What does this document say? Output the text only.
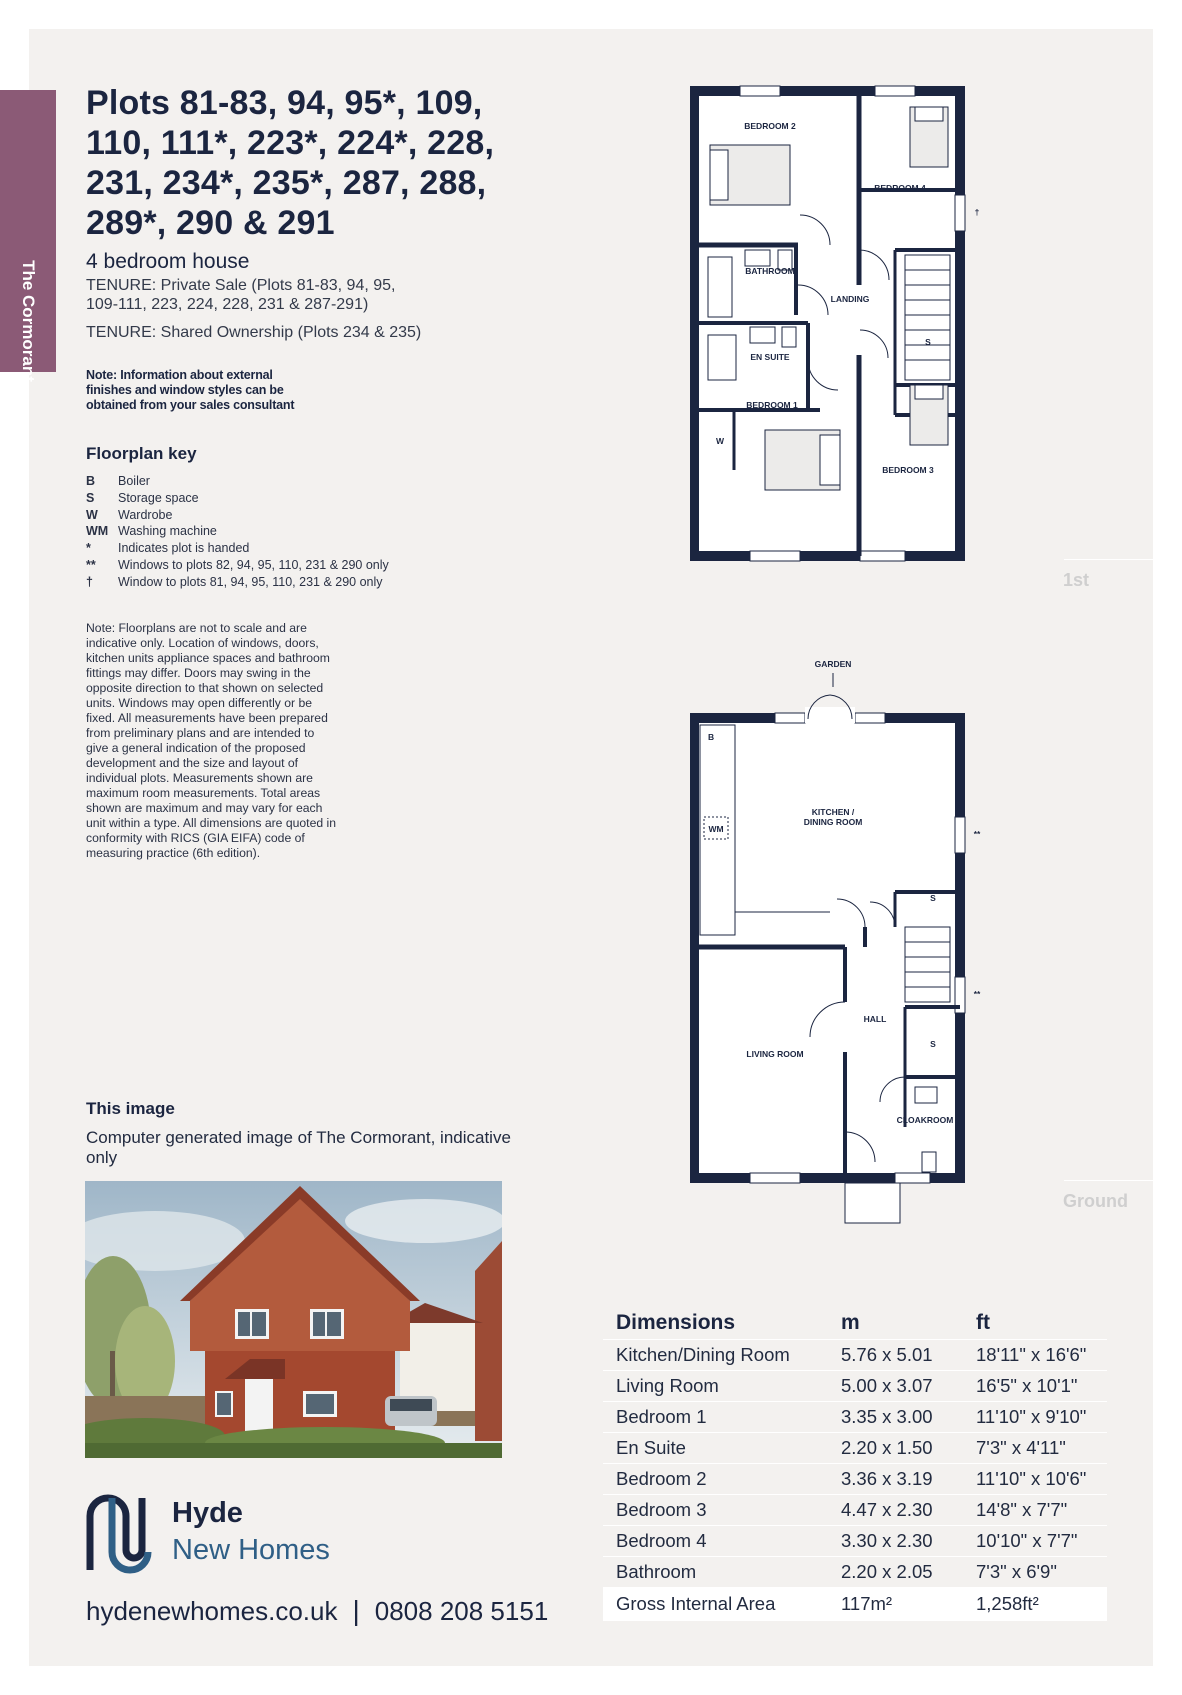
The Cormorant
Plots 81-83, 94, 95*, 109,
110, 111*, 223*, 224*, 228,
231, 234*, 235*, 287, 288,
289*, 290 & 291
4 bedroom house
TENURE: Private Sale (Plots 81-83, 94, 95,
109-111, 223, 224, 228, 231 & 287-291)
TENURE: Shared Ownership (Plots 234 & 235)
Note: Information about external finishes and window styles can be obtained from your sales consultant
Floorplan key
B	Boiler
S	Storage space
W	Wardrobe
WM Washing machine
*	Indicates plot is handed
**	Windows to plots 82, 94, 95, 110, 231 & 290 only
†	Window to plots 81, 94, 95, 110, 231 & 290 only
Note: Floorplans are not to scale and are indicative only. Location of windows, doors, kitchen units appliance spaces and bathroom fittings may differ. Doors may swing in the opposite direction to that shown on selected units. Windows may open differently or be fixed. All measurements have been prepared from preliminary plans and are intended to give a general indication of the proposed development and the size and layout of individual plots. Measurements shown are maximum room measurements. Total areas shown are maximum and may vary for each unit within a type. All dimensions are quoted in conformity with RICS (GIA EIFA) code of measuring practice (6th edition).
This image
Computer generated image of The Cormorant, indicative only
Hyde
New Homes
hydenewhomes.co.uk | 0808 208 5151
BEDROOM 2
BEDROOM 4
BATHROOM
LANDING
EN SUITE
S
W
BEDROOM 1
BEDROOM 3
†
1st
GARDEN
B
WM
KITCHEN /
DINING ROOM
S
HALL
S
LIVING ROOM
CLOAKROOM
**
**
Ground
Dimensions	m	ft
Kitchen/Dining Room	5.76 x 5.01	18'11" x 16'6"
Living Room	5.00 x 3.07	16'5" x 10'1"
Bedroom 1	3.35 x 3.00	11'10" x 9'10"
En Suite	2.20 x 1.50	7'3" x 4'11"
Bedroom 2	3.36 x 3.19	11'10" x 10'6"
Bedroom 3	4.47 x 2.30	14'8" x 7'7"
Bedroom 4	3.30 x 2.30	10'10" x 7'7"
Bathroom	2.20 x 2.05	7'3" x 6'9"
Gross Internal Area	117m²	1,258ft²
